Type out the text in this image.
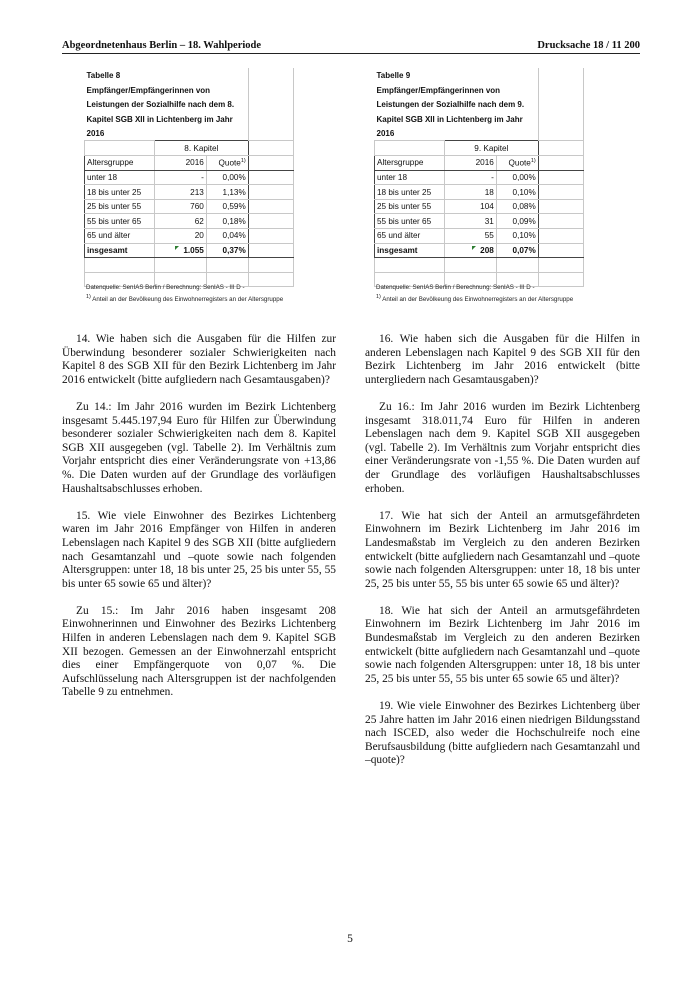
Abgeordnetenhaus Berlin – 18. Wahlperiode	Drucksache 18 / 11 200
Tabelle 8			
Empfänger/Empfängerinnen von			
Leistungen der Sozialhilfe nach dem 8.			
Kapitel SGB XII in Lichtenberg im Jahr			
2016			
	8. Kapitel		
Altersgruppe	2016	Quote$^{1)}$	
unter 18	-	0,00%	
18 bis unter 25	213	1,13%	
25 bis unter 55	760	0,59%	
55 bis unter 65	62	0,18%	
65 und älter	20	0,04%	
insgesamt	1.055	0,37%	

Datenquelle: SenIAS Berlin / Berechnung: SenIAS - III D -
$^{1)}$ Anteil an der Bevölkeung des Einwohnerregisters an der Altersgruppe
Tabelle 9			
Empfänger/Empfängerinnen von			
Leistungen der Sozialhilfe nach dem 9.			
Kapitel SGB XII in Lichtenberg im Jahr			
2016			
	9. Kapitel		
Altersgruppe	2016	Quote$^{1)}$	
unter 18	-	0,00%	
18 bis unter 25	18	0,10%	
25 bis unter 55	104	0,08%	
55 bis unter 65	31	0,09%	
65 und älter	55	0,10%	
insgesamt	208	0,07%	

Datenquelle: SenIAS Berlin / Berechnung: SenIAS - III D -
$^{1)}$ Anteil an der Bevölkeung des Einwohnerregisters an der Altersgruppe

14. Wie haben sich die Ausgaben für die Hilfen zur Überwindung besonderer sozialer Schwierigkeiten nach Kapitel 8 des SGB XII für den Bezirk Lichtenberg im Jahr 2016 entwickelt (bitte aufgliedern nach Gesamtausgaben)?

Zu 14.: Im Jahr 2016 wurden im Bezirk Lichtenberg insgesamt 5.445.197,94 Euro für Hilfen zur Überwindung besonderer sozialer Schwierigkeiten nach dem 8. Kapitel SGB XII ausgegeben (vgl. Tabelle 2). Im Verhältnis zum Vorjahr entspricht dies einer Veränderungsrate von +13,86 %. Die Daten wurden auf der Grundlage des vorläufigen Haushaltsabschlusses erhoben.

15. Wie viele Einwohner des Bezirkes Lichtenberg waren im Jahr 2016 Empfänger von Hilfen in anderen Lebenslagen nach Kapitel 9 des SGB XII (bitte aufgliedern nach Gesamtanzahl und –quote sowie nach folgenden Altersgruppen: unter 18, 18 bis unter 25, 25 bis unter 55, 55 bis unter 65 sowie 65 und älter)?

Zu 15.: Im Jahr 2016 haben insgesamt 208 Einwohnerinnen und Einwohner des Bezirks Lichtenberg Hilfen in anderen Lebenslagen nach dem 9. Kapitel SGB XII bezogen. Gemessen an der Einwohnerzahl entspricht dies einer Empfängerquote von 0,07 %. Die Aufschlüsselung nach Altersgruppen ist der nachfolgenden Tabelle 9 zu entnehmen.

16. Wie haben sich die Ausgaben für die Hilfen in anderen Lebenslagen nach Kapitel 9 des SGB XII für den Bezirk Lichtenberg im Jahr 2016 entwickelt (bitte untergliedern nach Gesamtausgaben)?

Zu 16.: Im Jahr 2016 wurden im Bezirk Lichtenberg insgesamt 318.011,74 Euro für Hilfen in anderen Lebenslagen nach dem 9. Kapitel SGB XII ausgegeben (vgl. Tabelle 2). Im Verhältnis zum Vorjahr entspricht dies einer Veränderungsrate von -1,55 %. Die Daten wurden auf der Grundlage des vorläufigen Haushaltsabschlusses erhoben.

17. Wie hat sich der Anteil an armutsgefährdeten Einwohnern im Bezirk Lichtenberg im Jahr 2016 im Landesmaßstab im Vergleich zu den anderen Bezirken entwickelt (bitte aufgliedern nach Gesamtanzahl und –quote sowie nach folgenden Altersgruppen: unter 18, 18 bis unter 25, 25 bis unter 55, 55 bis unter 65 sowie 65 und älter)?

18. Wie hat sich der Anteil an armutsgefährdeten Einwohnern im Bezirk Lichtenberg im Jahr 2016 im Bundesmaßstab im Vergleich zu den anderen Bezirken entwickelt (bitte aufgliedern nach Gesamtanzahl und –quote sowie nach folgenden Altersgruppen: unter 18, 18 bis unter 25, 25 bis unter 55, 55 bis unter 65 sowie 65 und älter)?

19. Wie viele Einwohner des Bezirkes Lichtenberg über 25 Jahre hatten im Jahr 2016 einen niedrigen Bildungsstand nach ISCED, also weder die Hochschulreife noch eine Berufsausbildung (bitte aufgliedern nach Gesamtanzahl und –quote)?

5
